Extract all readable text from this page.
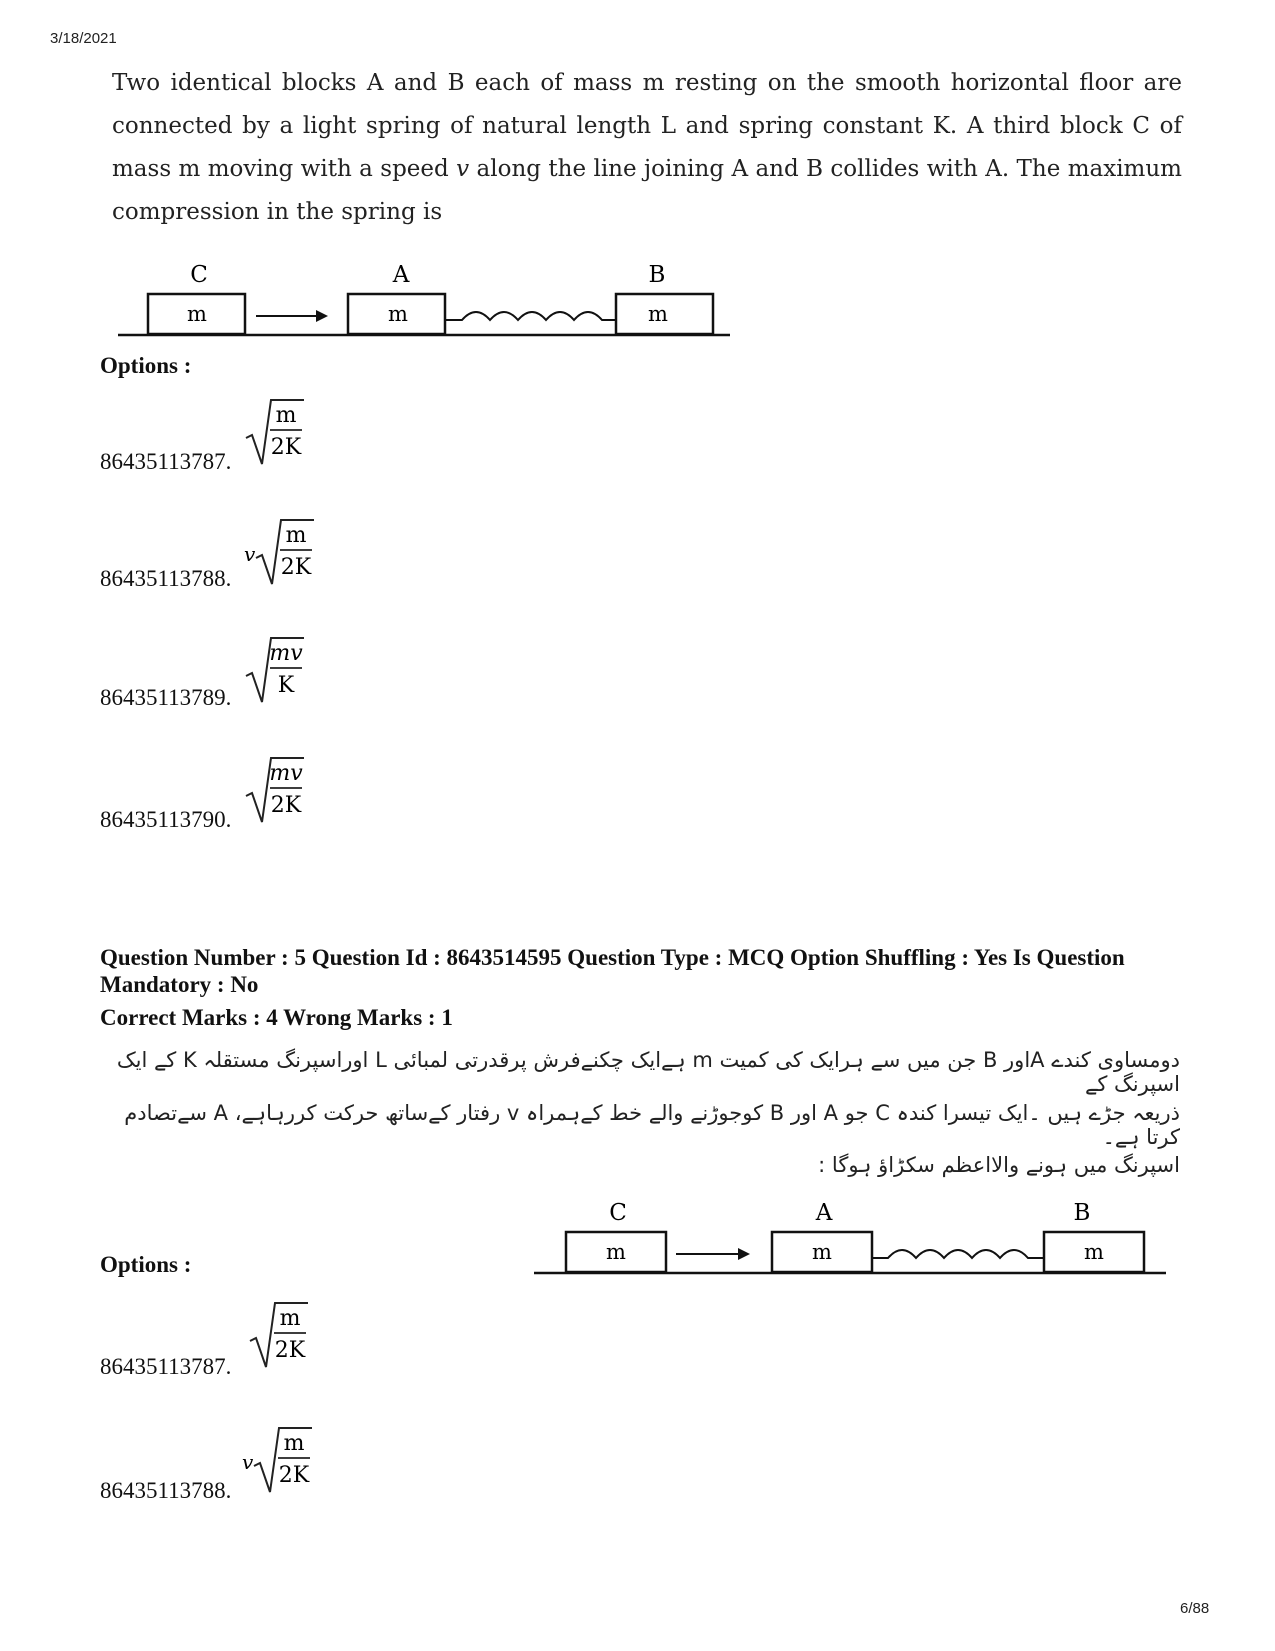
3/18/2021
6/88
Two identical blocks A and B each of mass m resting on the smooth horizontal floor are connected by a light spring of natural length L and spring constant K. A third block C of mass m moving with a speed v along the line joining A and B collides with A. The maximum compression in the spring is
C	A	B
m	m	m
Options :
86435113787.
m
2K
86435113788.
v
m
2K
86435113789.
mv
K
86435113790.
mv
2K
Question Number : 5 Question Id : 8643514595 Question Type : MCQ Option Shuffling : Yes Is Question Mandatory : No
Correct Marks : 4 Wrong Marks : 1
دومساوی کندے Aاور B جن میں سے ہرایک کی کمیت m ہےایک چکنےفرش پرقدرتی لمبائی L اوراسپرنگ مستقلہ K کے ایک اسپرنگ کے
ذریعہ جڑے ہیں ۔ایک تیسرا کندہ C جو A اور B کوجوڑنے والے خط کےہمراہ v رفتار کےساتھ حرکت کررہاہے، A سےتصادم کرتا ہے۔
اسپرنگ میں ہونے والااعظم سکڑاؤ ہوگا :
C	A	B
m	m	m
Options :
86435113787.
m
2K
86435113788.
v
m
2K
